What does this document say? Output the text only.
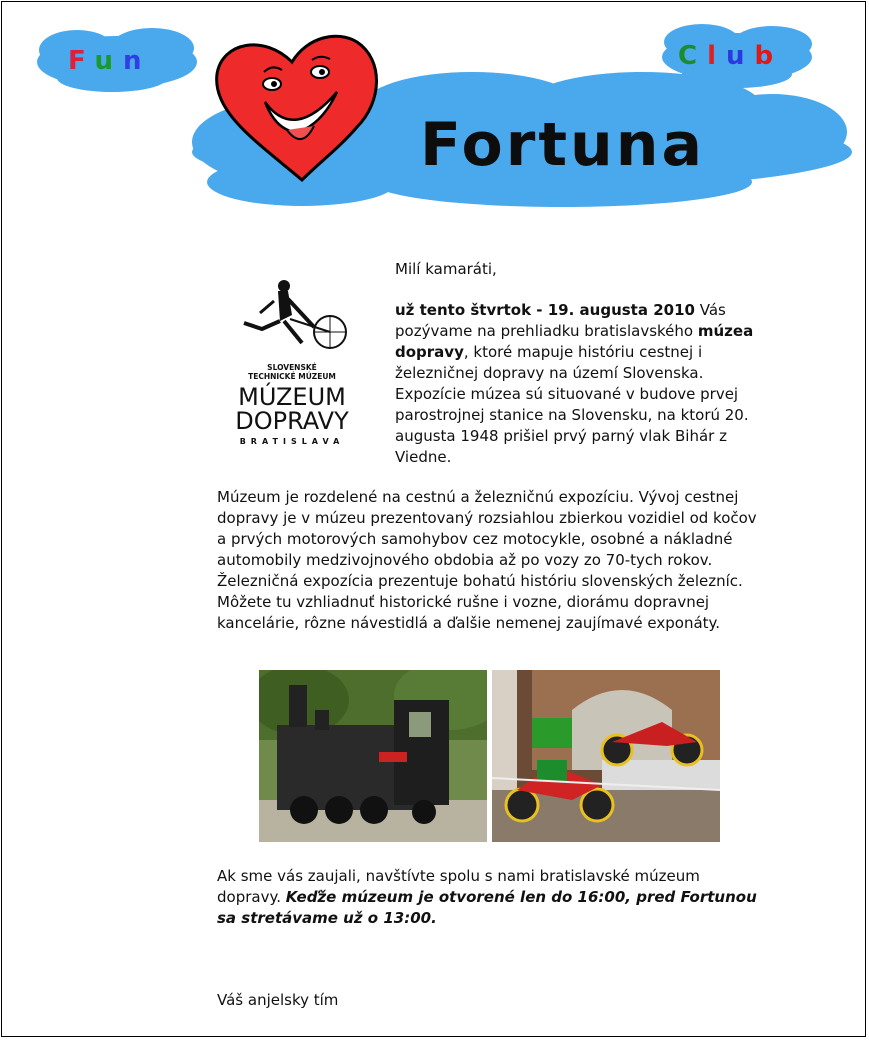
Fun	Club
Fortuna
SLOVENSKÉ
TECHNICKÉ MÚZEUM
MÚZEUM
DOPRAVY
BRATISLAVA
Milí kamaráti,
už tento štvrtok - 19. augusta 2010 Vás pozývame na prehliadku bratislavského múzea dopravy, ktoré mapuje históriu cestnej i železničnej dopravy na území Slovenska. Expozície múzea sú situované v budove prvej parostrojnej stanice na Slovensku, na ktorú 20. augusta 1948 prišiel prvý parný vlak Bihár z Viedne.
Múzeum je rozdelené na cestnú a železničnú expozíciu. Vývoj cestnej dopravy je v múzeu prezentovaný rozsiahlou zbierkou vozidiel od kočov a prvých motorových samohybov cez motocykle, osobné a nákladné automobily medzivojnového obdobia až po vozy zo 70-tych rokov. Železničná expozícia prezentuje bohatú históriu slovenských železníc. Môžete tu vzhliadnuť historické rušne i vozne, diorámu dopravnej kancelárie, rôzne návestidlá a ďalšie nemenej zaujímavé exponáty.
Ak sme vás zaujali, navštívte spolu s nami bratislavské múzeum dopravy. Keďže múzeum je otvorené len do 16:00, pred Fortunou sa stretávame už o 13:00.
Váš anjelsky tím
